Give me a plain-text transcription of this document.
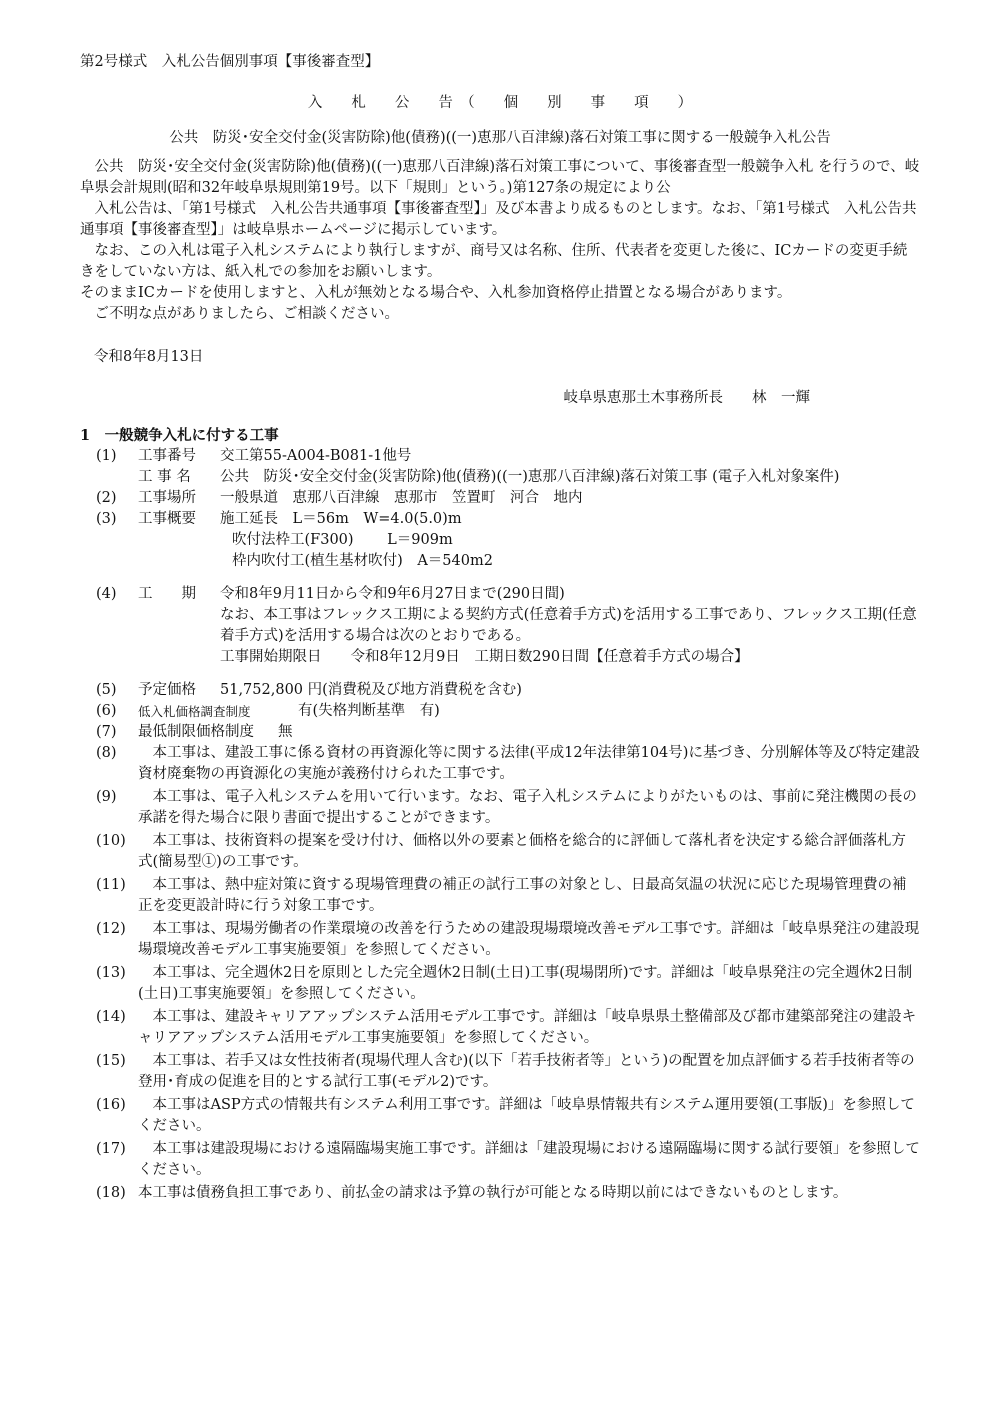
第2号様式　入札公告個別事項【事後審査型】
入　　札　　公　　告　（　　個　　別　　事　　項　　）
公共　防災･安全交付金(災害防除)他(債務)((一)恵那八百津線)落石対策工事に関する一般競争入札公告

公共　防災･安全交付金(災害防除)他(債務)((一)恵那八百津線)落石対策工事について、事後審査型一般競争入札 を行うので、岐阜県会計規則(昭和32年岐阜県規則第19号。以下「規則」という。)第127条の規定により公

入札公告は、「第1号様式　入札公告共通事項【事後審査型】」及び本書より成るものとします。なお、「第1号様式　入札公告共通事項【事後審査型】」は岐阜県ホームページに掲示しています。

なお、この入札は電子入札システムにより執行しますが、商号又は名称、住所、代表者を変更した後に、ICカードの変更手続きをしていない方は、紙入札での参加をお願いします。

そのままICカードを使用しますと、入札が無効となる場合や、入札参加資格停止措置となる場合があります。

ご不明な点がありましたら、ご相談ください。

令和8年8月13日
岐阜県恵那土木事務所長　　林　一輝
1　一般競争入札に付する工事
(1)	工事番号	交工第55-A004-B081-1他号
工 事 名	公共　防災･安全交付金(災害防除)他(債務)((一)恵那八百津線)落石対策工事 (電子入札対象案件)
(2)	工事場所	一般県道　恵那八百津線　恵那市　笠置町　河合　地内
(3)	工事概要	施工延長　L＝56m　W=4.0(5.0)m
吹付法枠工(F300)　　 L＝909m
枠内吹付工(植生基材吹付)　A＝540m2
(4)	工　　期	令和8年9月11日から令和9年6月27日まで(290日間)
なお、本工事はフレックス工期による契約方式(任意着手方式)を活用する工事であり、フレックス工期(任意着手方式)を活用する場合は次のとおりである。
工事開始期限日　　令和8年12月9日　工期日数290日間【任意着手方式の場合】
(5)	予定価格	51,752,800 円(消費税及び地方消費税を含む)
(6)	低入札価格調査制度	有(失格判断基準　有)
(7)	最低制限価格制度	無
(8)	本工事は、建設工事に係る資材の再資源化等に関する法律(平成12年法律第104号)に基づき、分別解体等及び特定建設資材廃棄物の再資源化の実施が義務付けられた工事です。
(9)	本工事は、電子入札システムを用いて行います。なお、電子入札システムによりがたいものは、事前に発注機関の長の承諾を得た場合に限り書面で提出することができます。
(10)	本工事は、技術資料の提案を受け付け、価格以外の要素と価格を総合的に評価して落札者を決定する総合評価落札方式(簡易型①)の工事です。
(11)	本工事は、熱中症対策に資する現場管理費の補正の試行工事の対象とし、日最高気温の状況に応じた現場管理費の補正を変更設計時に行う対象工事です。
(12)	本工事は、現場労働者の作業環境の改善を行うための建設現場環境改善モデル工事です。詳細は「岐阜県発注の建設現場環境改善モデル工事実施要領」を参照してください。
(13)	本工事は、完全週休2日を原則とした完全週休2日制(土日)工事(現場閉所)です。詳細は「岐阜県発注の完全週休2日制(土日)工事実施要領」を参照してください。
(14)	本工事は、建設キャリアアップシステム活用モデル工事です。詳細は「岐阜県県土整備部及び都市建築部発注の建設キャリアアップシステム活用モデル工事実施要領」を参照してください。
(15)	本工事は、若手又は女性技術者(現場代理人含む)(以下「若手技術者等」という)の配置を加点評価する若手技術者等の登用･育成の促進を目的とする試行工事(モデル2)です。
(16)	本工事はASP方式の情報共有システム利用工事です。詳細は「岐阜県情報共有システム運用要領(工事版)」を参照してください。
(17)	本工事は建設現場における遠隔臨場実施工事です。詳細は「建設現場における遠隔臨場に関する試行要領」を参照してください。
(18) 本工事は債務負担工事であり、前払金の請求は予算の執行が可能となる時期以前にはできないものとします。
